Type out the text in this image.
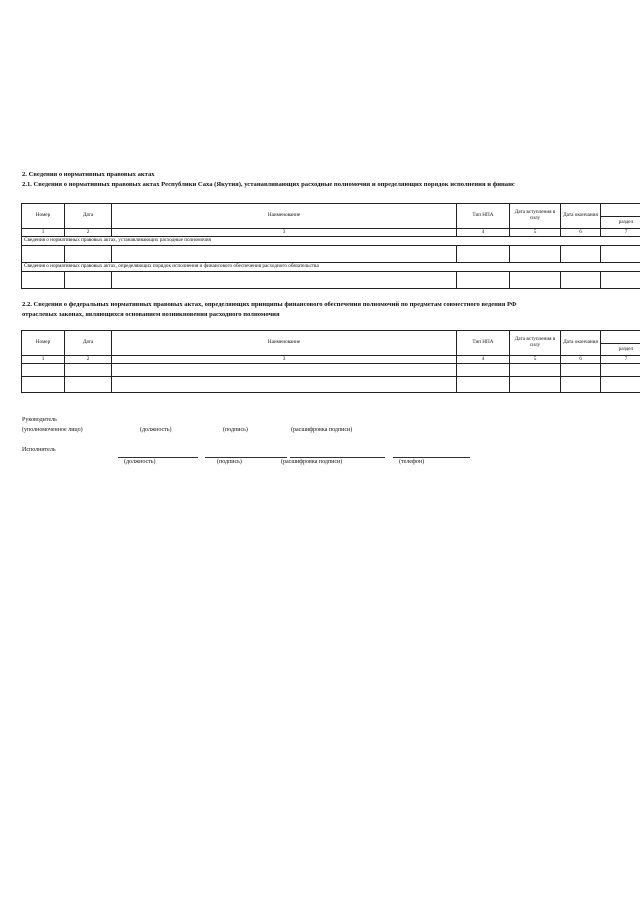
2. Сведения о нормативных правовых актах
2.1. Сведения о нормативных правовых актах Республики Саха (Якутия), устанавливающих расходные полномочия и определяющих порядок исполнения и финанс
Номер	Дата	Наименование	Тип НПА	Дата вступления в силу	Дата окончания	раздел

1	2	3	4	5	6	7
Сведения о нормативных правовых актах, устанавливающих расходные полномочия						

Сведения о нормативных правовых актах, определяющих порядок исполнения и финансового обеспечения расходного обязательства						

2.2. Сведения о федеральных нормативных правовых актах, определяющих принципы финансового обеспечения полномочий по предметам совместного ведения РФ
отраслевых законах, являющихся основанием возникновения расходного полномочия
Номер	Дата	Наименование	Тип НПА	Дата вступления в силу	Дата окончания	раздел

1	2	3	4	5	6	7

Руководитель
(уполномоченное лицо)	(должность)	(подпись)	(расшифровка подписи)
Исполнитель
(должность)	(подпись)	(расшифровка подписи)	(телефон)
